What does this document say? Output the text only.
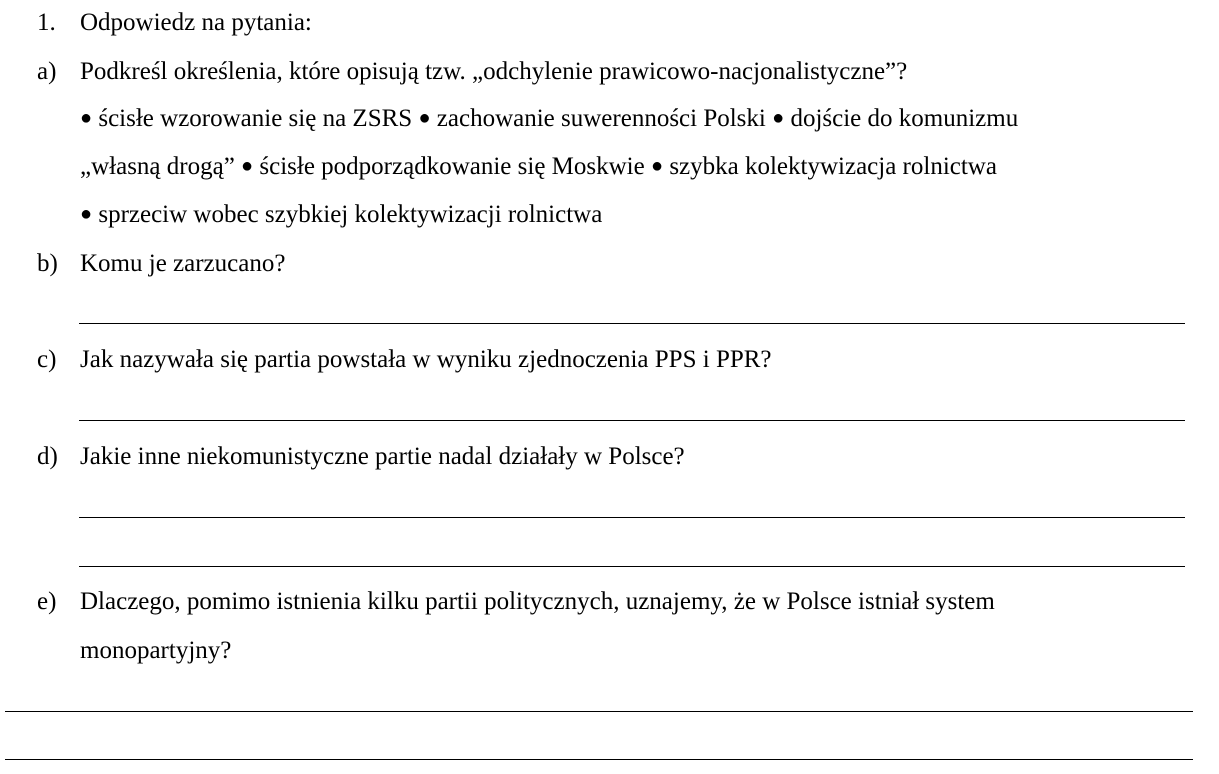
1. Odpowiedz na pytania:
a) Podkreśl określenia, które opisują tzw. „odchylenie prawicowo-nacjonalistyczne”?
● ścisłe wzorowanie się na ZSRS ● zachowanie suwerenności Polski ● dojście do komunizmu
„własną drogą” ● ścisłe podporządkowanie się Moskwie ● szybka kolektywizacja rolnictwa
● sprzeciw wobec szybkiej kolektywizacji rolnictwa
b) Komu je zarzucano?
c) Jak nazywała się partia powstała w wyniku zjednoczenia PPS i PPR?
d) Jakie inne niekomunistyczne partie nadal działały w Polsce?
e) Dlaczego, pomimo istnienia kilku partii politycznych, uznajemy, że w Polsce istniał system
monopartyjny?
